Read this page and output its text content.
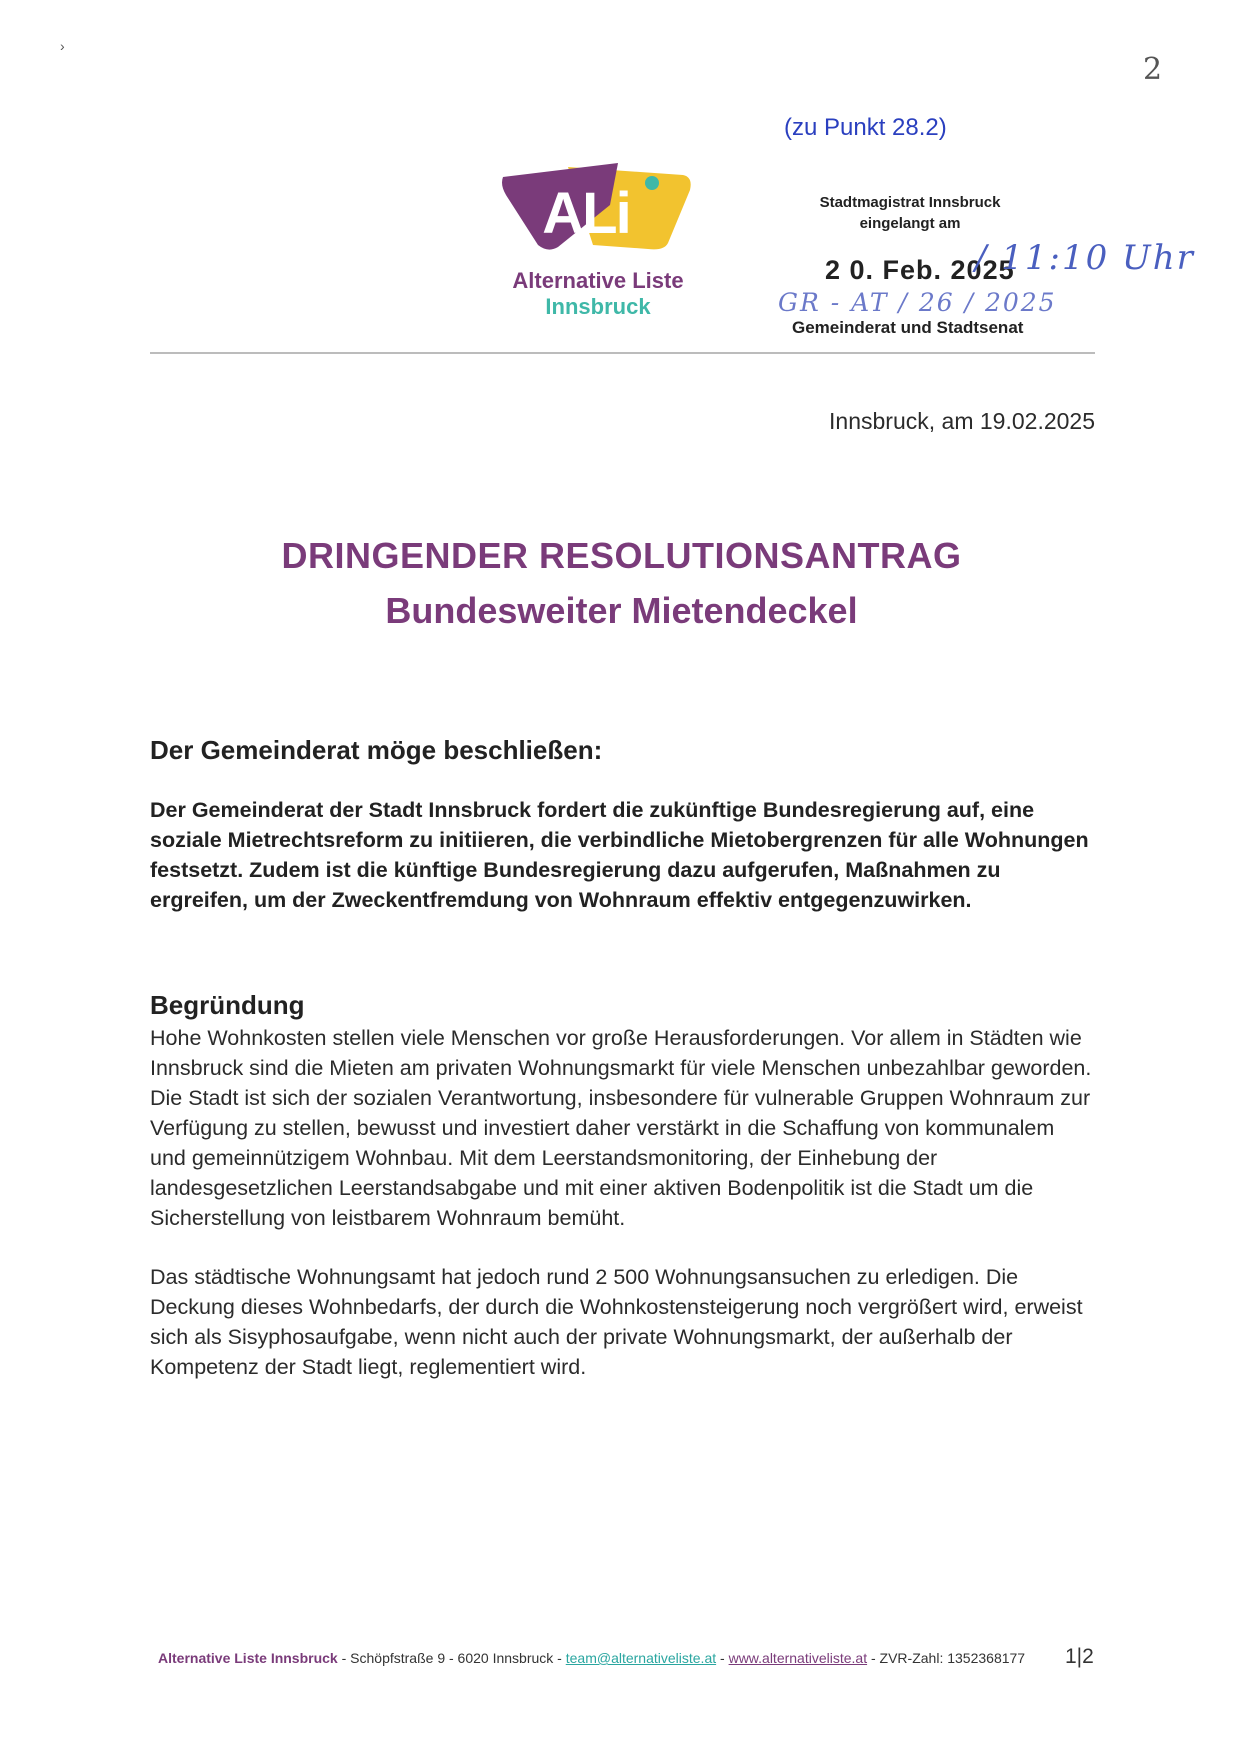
›
2
(zu Punkt 28.2)
ALi
Alternative Liste
Innsbruck
Stadtmagistrat Innsbruck
eingelangt am
2 0. Feb. 2025
/ 11:10 Uhr
GR - AT / 26 / 2025
Gemeinderat und Stadtsenat
Innsbruck, am 19.02.2025
DRINGENDER RESOLUTIONSANTRAG
Bundesweiter Mietendeckel
Der Gemeinderat möge beschließen:
Der Gemeinderat der Stadt Innsbruck fordert die zukünftige Bundesregierung auf, eine soziale Mietrechtsreform zu initiieren, die verbindliche Mietobergrenzen für alle Wohnungen festsetzt. Zudem ist die künftige Bundesregierung dazu aufgerufen, Maßnahmen zu ergreifen, um der Zweckentfremdung von Wohnraum effektiv entgegenzuwirken.
Begründung
Hohe Wohnkosten stellen viele Menschen vor große Herausforderungen. Vor allem in Städten wie Innsbruck sind die Mieten am privaten Wohnungsmarkt für viele Menschen unbezahlbar geworden. Die Stadt ist sich der sozialen Verantwortung, insbesondere für vulnerable Gruppen Wohnraum zur Verfügung zu stellen, bewusst und investiert daher verstärkt in die Schaffung von kommunalem und gemeinnützigem Wohnbau. Mit dem Leerstandsmonitoring, der Einhebung der landesgesetzlichen Leerstandsabgabe und mit einer aktiven Bodenpolitik ist die Stadt um die Sicherstellung von leistbarem Wohnraum bemüht.
Das städtische Wohnungsamt hat jedoch rund 2 500 Wohnungsansuchen zu erledigen. Die Deckung dieses Wohnbedarfs, der durch die Wohnkostensteigerung noch vergrößert wird, erweist sich als Sisyphosaufgabe, wenn nicht auch der private Wohnungsmarkt, der außerhalb der Kompetenz der Stadt liegt, reglementiert wird.
Alternative Liste Innsbruck - Schöpfstraße 9 - 6020 Innsbruck - team@alternativeliste.at - www.alternativeliste.at - ZVR-Zahl: 1352368177 1|2
